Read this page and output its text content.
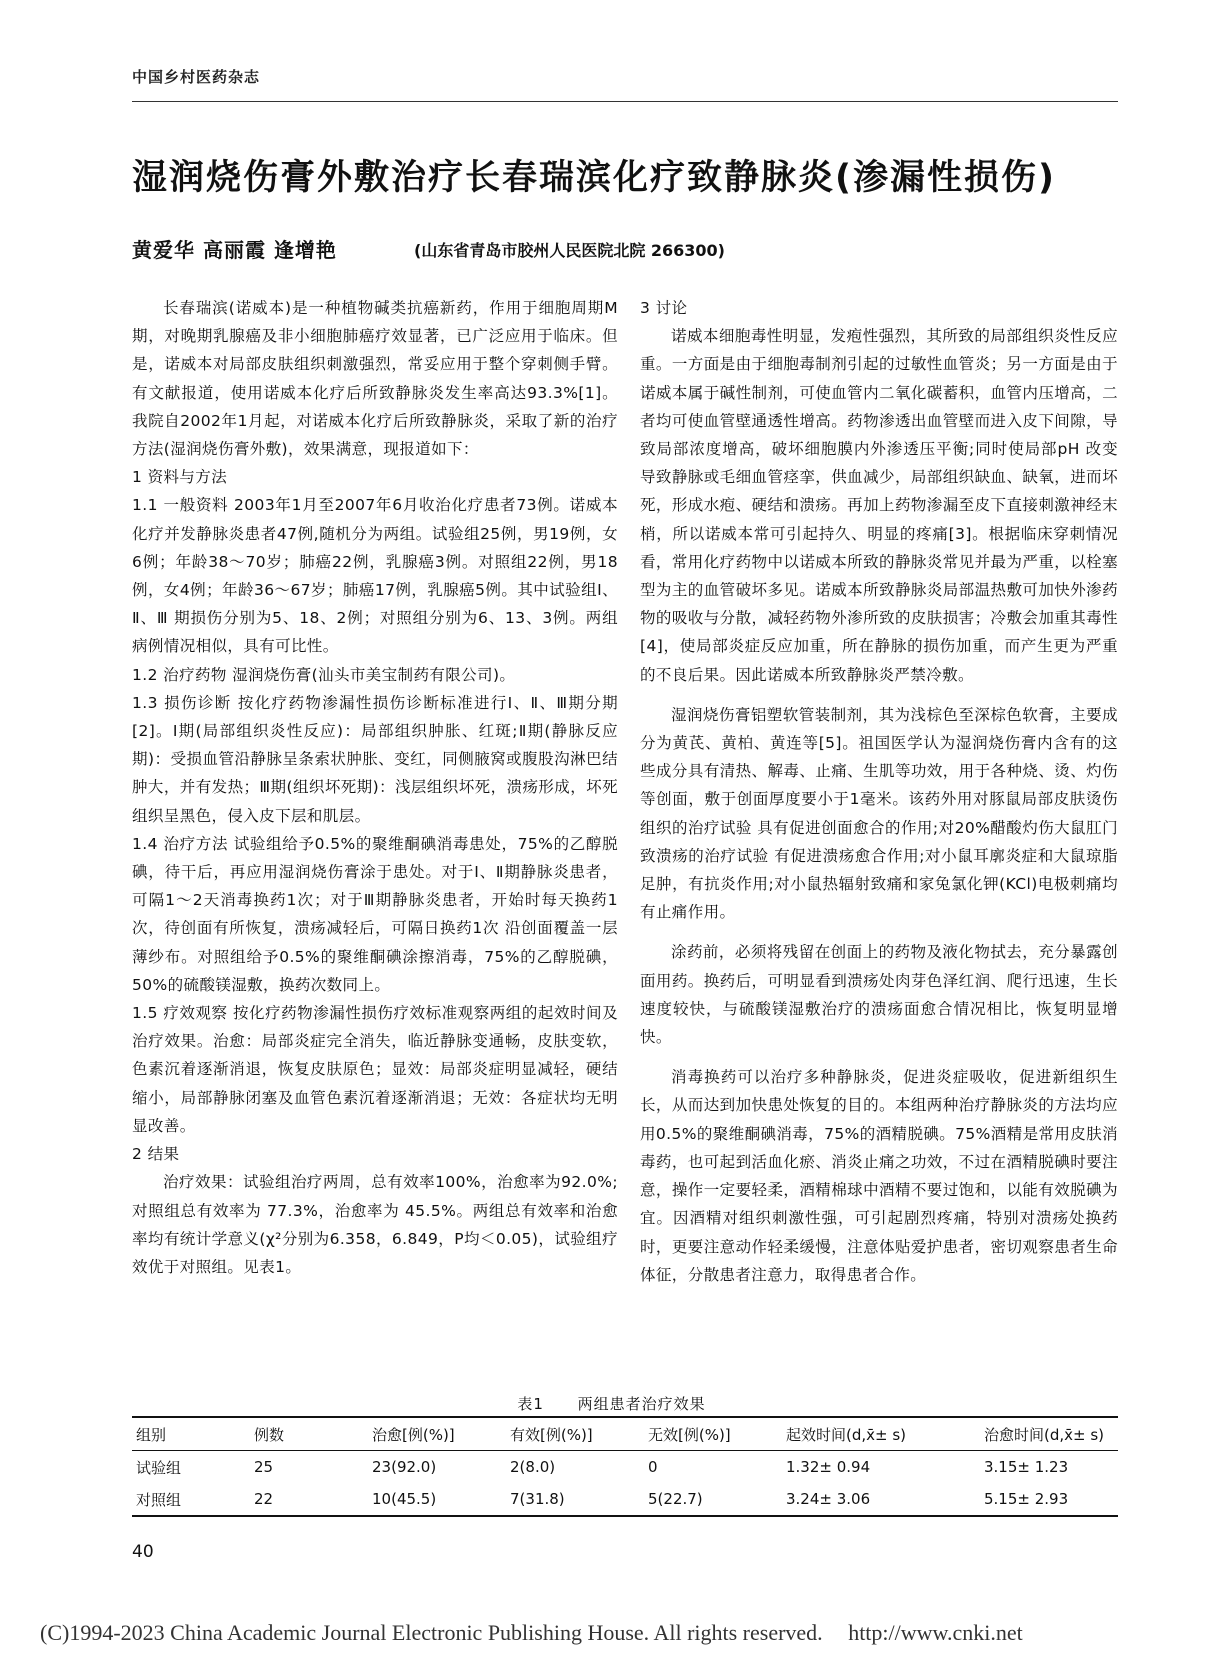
中国乡村医药杂志
湿润烧伤膏外敷治疗长春瑞滨化疗致静脉炎(渗漏性损伤)
黄爱华 高丽霞 逢增艳	(山东省青岛市胶州人民医院北院 266300)

长春瑞滨(诺威本)是一种植物碱类抗癌新药，作用于细胞周期M期，对晚期乳腺癌及非小细胞肺癌疗效显著，已广泛应用于临床。但是，诺威本对局部皮肤组织刺激强烈，常妥应用于整个穿刺侧手臂。有文献报道，使用诺威本化疗后所致静脉炎发生率高达93.3%[1]。我院自2002年1月起，对诺威本化疗后所致静脉炎，采取了新的治疗方法(湿润烧伤膏外敷)，效果满意，现报道如下：

1 资料与方法

1.1 一般资料 2003年1月至2007年6月收治化疗患者73例。诺威本化疗并发静脉炎患者47例,随机分为两组。试验组25例，男19例，女6例；年龄38～70岁；肺癌22例，乳腺癌3例。对照组22例，男18例，女4例；年龄36～67岁；肺癌17例，乳腺癌5例。其中试验组Ⅰ、Ⅱ、Ⅲ 期损伤分别为5、18、2例；对照组分别为6、13、3例。两组病例情况相似，具有可比性。

1.2 治疗药物 湿润烧伤膏(汕头市美宝制药有限公司)。

1.3 损伤诊断 按化疗药物渗漏性损伤诊断标准进行Ⅰ、Ⅱ、Ⅲ期分期[2]。Ⅰ期(局部组织炎性反应)：局部组织肿胀、红斑;Ⅱ期(静脉反应期)：受损血管沿静脉呈条索状肿胀、变红，同侧腋窝或腹股沟淋巴结肿大，并有发热；Ⅲ期(组织坏死期)：浅层组织坏死，溃疡形成，坏死组织呈黑色，侵入皮下层和肌层。

1.4 治疗方法 试验组给予0.5%的聚维酮碘消毒患处，75%的乙醇脱碘，待干后，再应用湿润烧伤膏涂于患处。对于Ⅰ、Ⅱ期静脉炎患者，可隔1～2天消毒换药1次；对于Ⅲ期静脉炎患者，开始时每天换药1次，待创面有所恢复，溃疡减轻后，可隔日换药1次 沿创面覆盖一层薄纱布。对照组给予0.5%的聚维酮碘涂擦消毒，75%的乙醇脱碘，50%的硫酸镁湿敷，换药次数同上。

1.5 疗效观察 按化疗药物渗漏性损伤疗效标准观察两组的起效时间及治疗效果。治愈：局部炎症完全消失，临近静脉变通畅，皮肤变软，色素沉着逐渐消退，恢复皮肤原色；显效：局部炎症明显减轻，硬结缩小，局部静脉闭塞及血管色素沉着逐渐消退；无效：各症状均无明显改善。

2 结果

治疗效果：试验组治疗两周，总有效率100%，治愈率为92.0%;对照组总有效率为 77.3%，治愈率为 45.5%。两组总有效率和治愈率均有统计学意义(χ²分别为6.358，6.849，P均＜0.05)，试验组疗效优于对照组。见表1。

3 讨论

诺威本细胞毒性明显，发疱性强烈，其所致的局部组织炎性反应重。一方面是由于细胞毒制剂引起的过敏性血管炎；另一方面是由于诺威本属于碱性制剂，可使血管内二氧化碳蓄积，血管内压增高，二者均可使血管壁通透性增高。药物渗透出血管壁而进入皮下间隙，导致局部浓度增高，破坏细胞膜内外渗透压平衡;同时使局部pH 改变导致静脉或毛细血管痉挛，供血减少，局部组织缺血、缺氧，进而坏死，形成水疱、硬结和溃疡。再加上药物渗漏至皮下直接刺激神经末梢，所以诺威本常可引起持久、明显的疼痛[3]。根据临床穿刺情况看，常用化疗药物中以诺威本所致的静脉炎常见并最为严重，以栓塞型为主的血管破坏多见。诺威本所致静脉炎局部温热敷可加快外渗药物的吸收与分散，减轻药物外渗所致的皮肤损害；冷敷会加重其毒性[4]，使局部炎症反应加重，所在静脉的损伤加重，而产生更为严重的不良后果。因此诺威本所致静脉炎严禁冷敷。

湿润烧伤膏铝塑软管装制剂，其为浅棕色至深棕色软膏，主要成分为黄芪、黄柏、黄连等[5]。祖国医学认为湿润烧伤膏内含有的这些成分具有清热、解毒、止痛、生肌等功效，用于各种烧、烫、灼伤等创面，敷于创面厚度要小于1毫米。该药外用对豚鼠局部皮肤烫伤组织的治疗试验 具有促进创面愈合的作用;对20%醋酸灼伤大鼠肛门致溃疡的治疗试验 有促进溃疡愈合作用;对小鼠耳廓炎症和大鼠琼脂足肿，有抗炎作用;对小鼠热辐射致痛和家兔氯化钾(KCl)电极刺痛均有止痛作用。

涂药前，必须将残留在创面上的药物及液化物拭去，充分暴露创面用药。换药后，可明显看到溃疡处肉芽色泽红润、爬行迅速，生长速度较快，与硫酸镁湿敷治疗的溃疡面愈合情况相比，恢复明显增快。

消毒换药可以治疗多种静脉炎，促进炎症吸收，促进新组织生长，从而达到加快患处恢复的目的。本组两种治疗静脉炎的方法均应用0.5%的聚维酮碘消毒，75%的酒精脱碘。75%酒精是常用皮肤消毒药，也可起到活血化瘀、消炎止痛之功效，不过在酒精脱碘时要注意，操作一定要轻柔，酒精棉球中酒精不要过饱和，以能有效脱碘为宜。因酒精对组织刺激性强，可引起剧烈疼痛，特别对溃疡处换药时，更要注意动作轻柔缓慢，注意体贴爱护患者，密切观察患者生命体征，分散患者注意力，取得患者合作。

表1 两组患者治疗效果
组别	例数	治愈[例(%)]	有效[例(%)]	无效[例(%)]	起效时间(d,x̄± s)	治愈时间(d,x̄± s)
试验组	25	23(92.0)	2(8.0)	0	1.32± 0.94	3.15± 1.23
对照组	22	10(45.5)	7(31.8)	5(22.7)	3.24± 3.06	5.15± 2.93
40
(C)1994-2023 China Academic Journal Electronic Publishing House. All rights reserved. http://www.cnki.net
